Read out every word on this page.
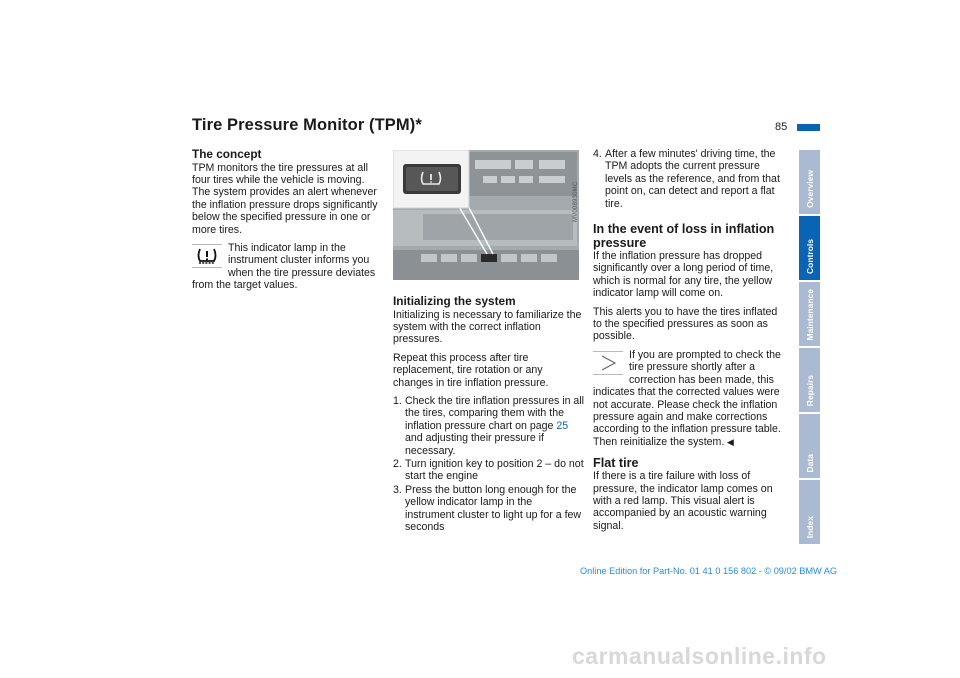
Tire Pressure Monitor (TPM)*	85
The concept

TPM monitors the tire pressures at all four tires while the vehicle is moving. The system provides an alert whenever the inflation pressure drops significantly below the specified pressure in one or more tires.

This indicator lamp in the instrument cluster informs you when the tire pressure deviates from the target values.
MV008930MC
Initializing the system

Initializing is necessary to familiarize the system with the correct inflation pressures.

Repeat this process after tire replacement, tire rotation or any changes in tire inflation pressure.

1. Check the tire inflation pressures in all the tires, comparing them with the inflation pressure chart on page 25 and adjusting their pressure if necessary.
2. Turn ignition key to position 2 – do not start the engine
3. Press the button long enough for the yellow indicator lamp in the instrument cluster to light up for a few seconds
4. After a few minutes' driving time, the TPM adopts the current pressure levels as the reference, and from that point on, can detect and report a flat tire.
In the event of loss in inflation pressure

If the inflation pressure has dropped significantly over a long period of time, which is normal for any tire, the yellow indicator lamp will come on.

This alerts you to have the tires inflated to the specified pressures as soon as possible.

If you are prompted to check the tire pressure shortly after a correction has been made, this indicates that the corrected values were not accurate. Please check the inflation pressure again and make corrections according to the inflation pressure table. Then reinitialize the system. ◀
Flat tire

If there is a tire failure with loss of pressure, the indicator lamp comes on with a red lamp. This visual alert is accompanied by an acoustic warning signal.

Overview
Controls
Maintenance
Repairs
Data
Index
Online Edition for Part-No. 01 41 0 156 802 - © 09/02 BMW AG
carmanualsonline.info
